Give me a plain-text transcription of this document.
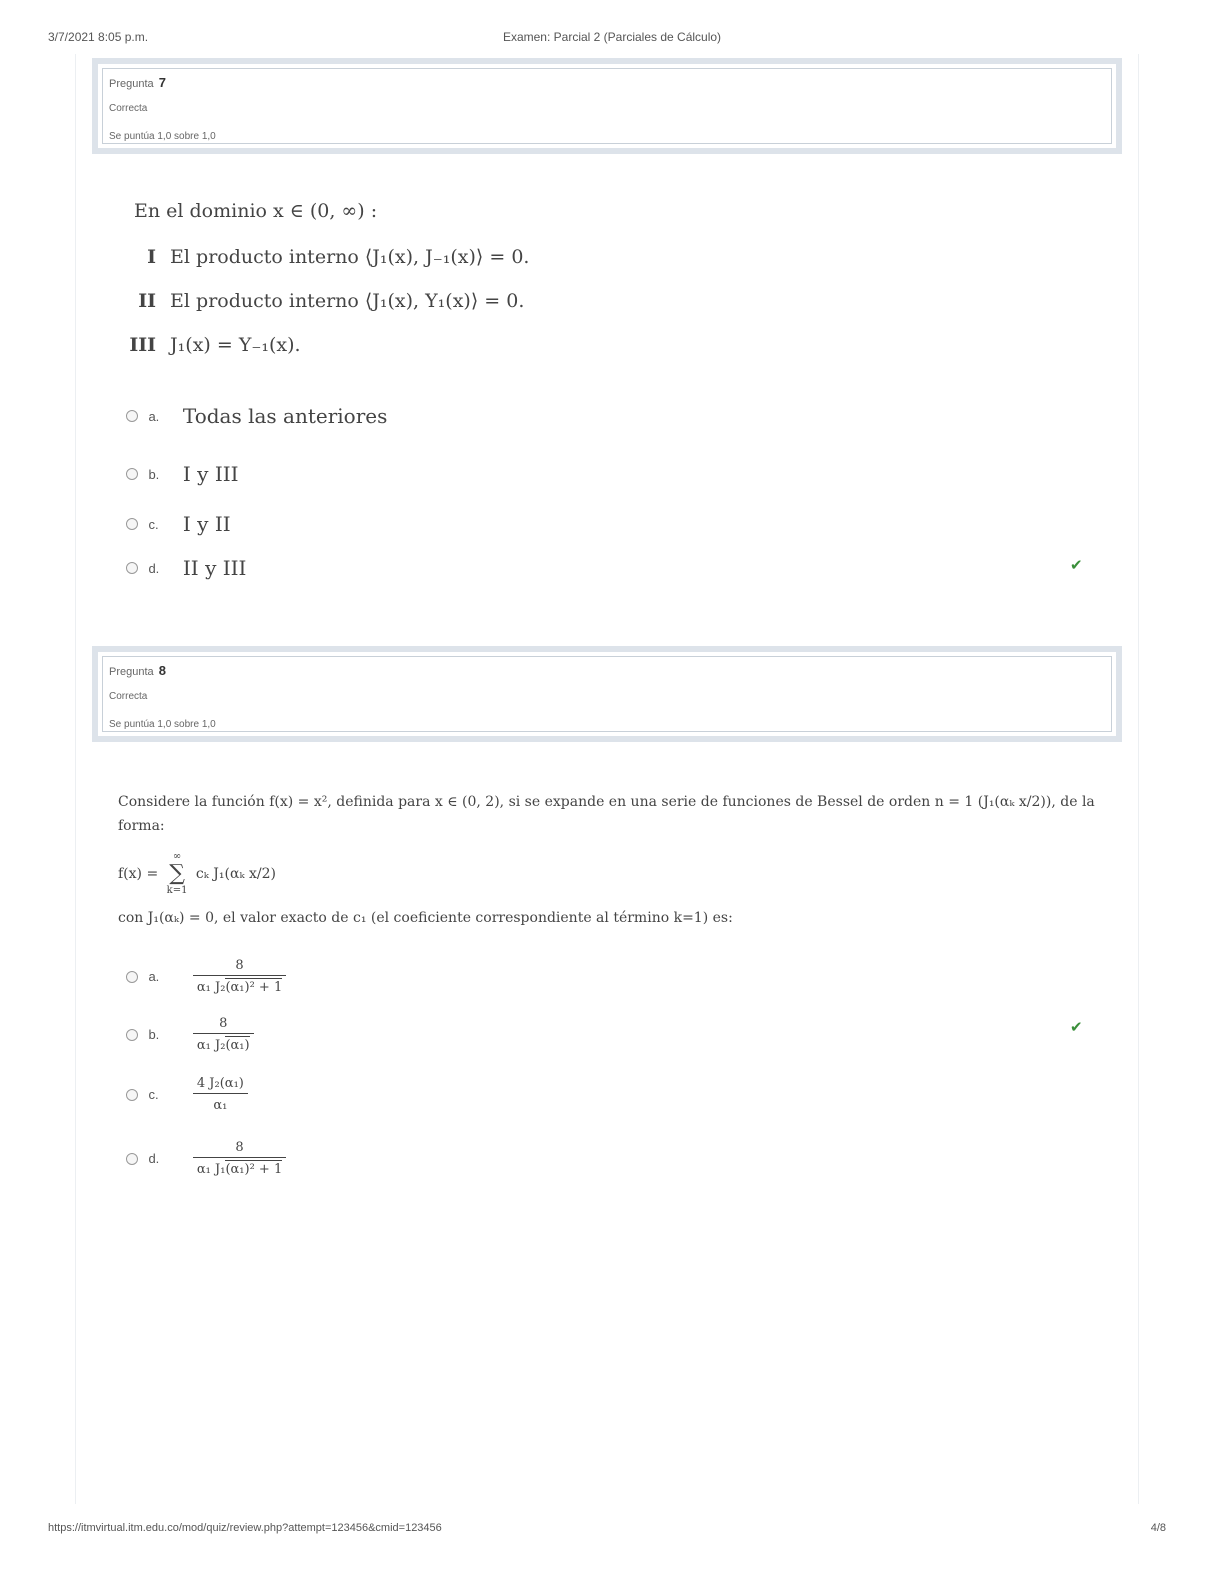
3/7/2021 8:05 p.m.	Examen: Parcial 2 (Parciales de Cálculo)
Pregunta 7
Correcta
Se puntúa 1,0 sobre 1,0
En el dominio x ∈ (0, ∞) :
I El producto interno ⟨J₁(x), J₋₁(x)⟩ = 0.
II El producto interno ⟨J₁(x), Y₁(x)⟩ = 0.
III J₁(x) = Y₋₁(x).
a. Todas las anteriores
b. I y III
c. I y II
d. II y III	✔
Pregunta 8
Correcta
Se puntúa 1,0 sobre 1,0
Considere la función f(x) = x², definida para x ∈ (0, 2), si se expande en una serie de funciones de Bessel de orden n = 1 (J₁(αₖ x/2)), de la forma:
f(x) =
∞
∑
k=1
cₖ J₁(αₖ x/2)
con J₁(αₖ) = 0, el valor exacto de c₁ (el coeficiente correspondiente al término k=1) es:
a.	$\frac{8}{\text{α₁ J₂(α₁)² + 1}}$
b.	$\frac{8}{\text{α₁ J₂(α₁)}}$	✔
c.	$\frac{\text{4 J₂(α₁)}}{\text{α₁}}$
d.	$\frac{8}{\text{α₁ J₁(α₁)² + 1}}$
https://itmvirtual.itm.edu.co/mod/quiz/review.php?attempt=123456&cmid=123456	4/8
